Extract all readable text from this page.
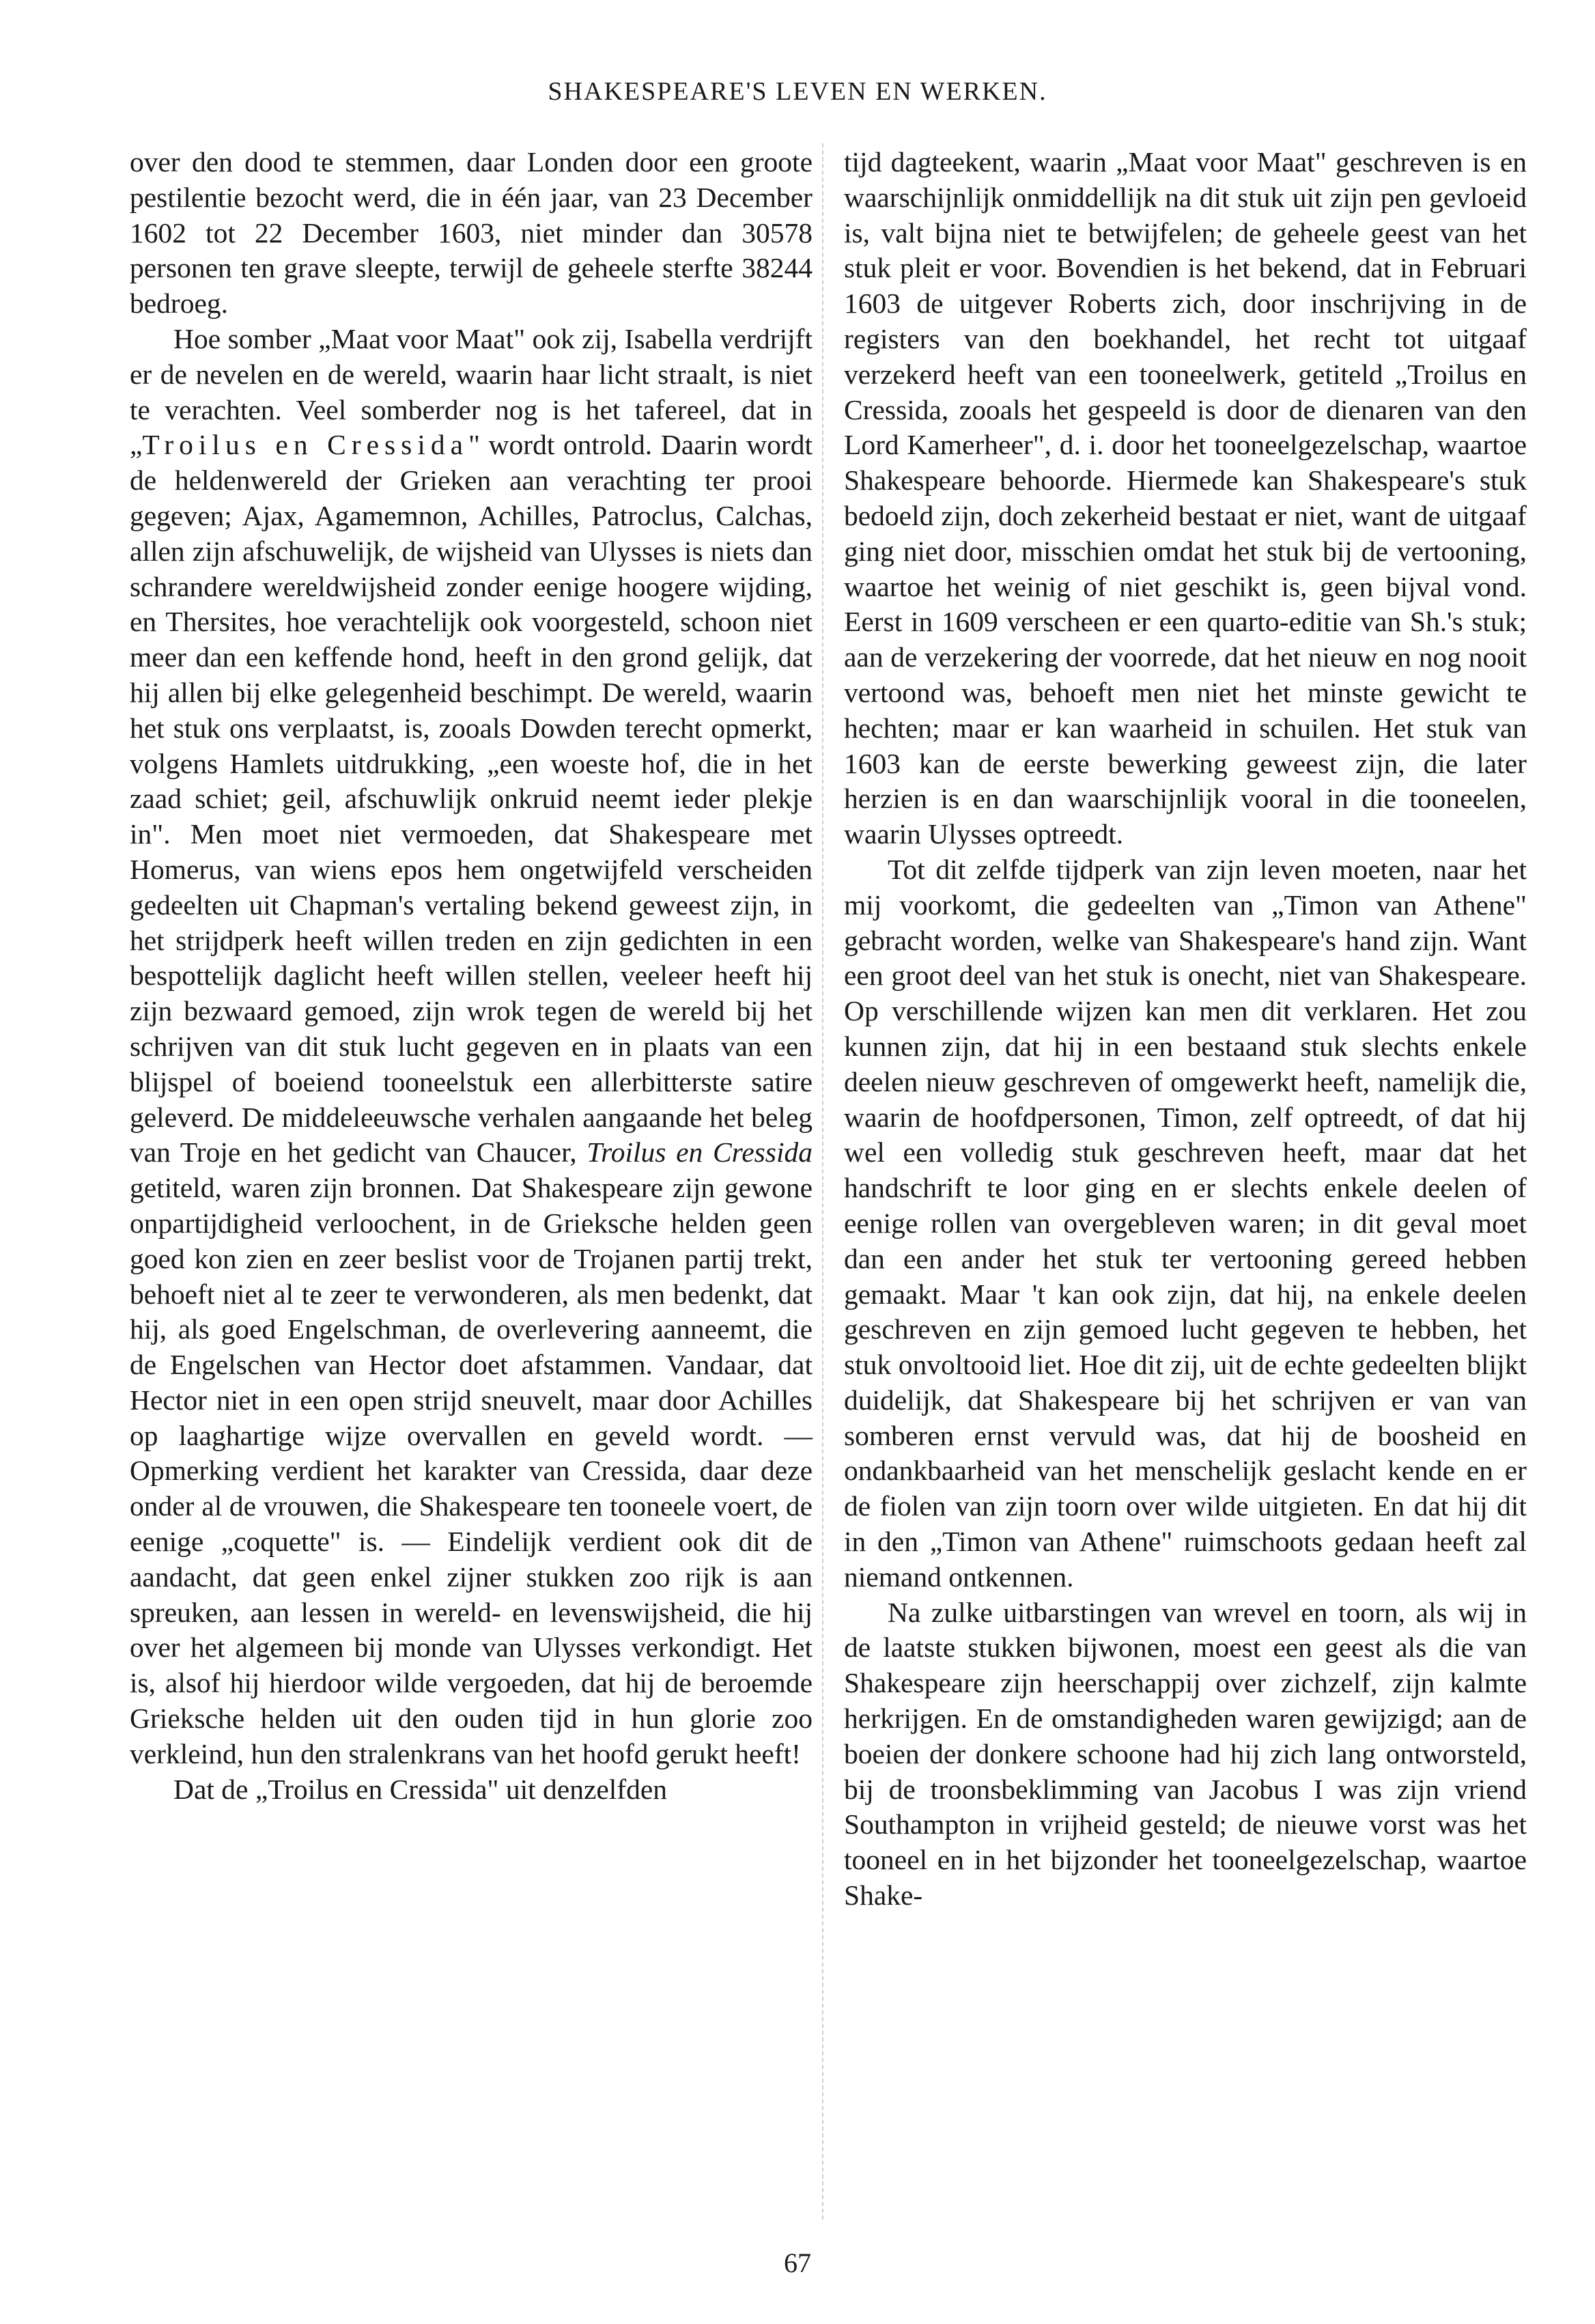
SHAKESPEARE'S LEVEN EN WERKEN.

over den dood te stemmen, daar Londen door een groote pestilentie bezocht werd, die in één jaar, van 23 December 1602 tot 22 December 1603, niet minder dan 30578 personen ten grave sleepte, terwijl de geheele sterfte 38244 bedroeg.

Hoe somber „Maat voor Maat" ook zij, Isabella verdrijft er de nevelen en de wereld, waarin haar licht straalt, is niet te verachten. Veel somberder nog is het tafereel, dat in „Troilus en Cressida" wordt ontrold. Daarin wordt de heldenwereld der Grieken aan verachting ter prooi gegeven; Ajax, Agamemnon, Achilles, Patroclus, Calchas, allen zijn afschuwelijk, de wijsheid van Ulysses is niets dan schrandere wereldwijsheid zonder eenige hoogere wijding, en Thersites, hoe verachtelijk ook voorgesteld, schoon niet meer dan een keffende hond, heeft in den grond gelijk, dat hij allen bij elke gelegenheid beschimpt. De wereld, waarin het stuk ons verplaatst, is, zooals Dowden terecht opmerkt, volgens Hamlets uitdrukking, „een woeste hof, die in het zaad schiet; geil, afschuwlijk onkruid neemt ieder plekje in". Men moet niet vermoeden, dat Shakespeare met Homerus, van wiens epos hem ongetwijfeld verscheiden gedeelten uit Chapman's vertaling bekend geweest zijn, in het strijdperk heeft willen treden en zijn gedichten in een bespottelijk daglicht heeft willen stellen, veeleer heeft hij zijn bezwaard gemoed, zijn wrok tegen de wereld bij het schrijven van dit stuk lucht gegeven en in plaats van een blijspel of boeiend tooneelstuk een allerbitterste satire geleverd. De middeleeuwsche verhalen aangaande het beleg van Troje en het gedicht van Chaucer, Troilus en Cressida getiteld, waren zijn bronnen. Dat Shakespeare zijn gewone onpartijdigheid verloochent, in de Grieksche helden geen goed kon zien en zeer beslist voor de Trojanen partij trekt, behoeft niet al te zeer te verwonderen, als men bedenkt, dat hij, als goed Engelschman, de overlevering aanneemt, die de Engelschen van Hector doet afstammen. Vandaar, dat Hector niet in een open strijd sneuvelt, maar door Achilles op laaghartige wijze overvallen en geveld wordt. — Opmerking verdient het karakter van Cressida, daar deze onder al de vrouwen, die Shakespeare ten tooneele voert, de eenige „coquette" is. — Eindelijk verdient ook dit de aandacht, dat geen enkel zijner stukken zoo rijk is aan spreuken, aan lessen in wereld- en levenswijsheid, die hij over het algemeen bij monde van Ulysses verkondigt. Het is, alsof hij hierdoor wilde vergoeden, dat hij de beroemde Grieksche helden uit den ouden tijd in hun glorie zoo verkleind, hun den stralenkrans van het hoofd gerukt heeft!

Dat de „Troilus en Cressida" uit denzelfden

tijd dagteekent, waarin „Maat voor Maat" geschreven is en waarschijnlijk onmiddellijk na dit stuk uit zijn pen gevloeid is, valt bijna niet te betwijfelen; de geheele geest van het stuk pleit er voor. Bovendien is het bekend, dat in Februari 1603 de uitgever Roberts zich, door inschrijving in de registers van den boekhandel, het recht tot uitgaaf verzekerd heeft van een tooneelwerk, getiteld „Troilus en Cressida, zooals het gespeeld is door de dienaren van den Lord Kamerheer", d. i. door het tooneelgezelschap, waartoe Shakespeare behoorde. Hiermede kan Shakespeare's stuk bedoeld zijn, doch zekerheid bestaat er niet, want de uitgaaf ging niet door, misschien omdat het stuk bij de vertooning, waartoe het weinig of niet geschikt is, geen bijval vond. Eerst in 1609 verscheen er een quarto-editie van Sh.'s stuk; aan de verzekering der voorrede, dat het nieuw en nog nooit vertoond was, behoeft men niet het minste gewicht te hechten; maar er kan waarheid in schuilen. Het stuk van 1603 kan de eerste bewerking geweest zijn, die later herzien is en dan waarschijnlijk vooral in die tooneelen, waarin Ulysses optreedt.

Tot dit zelfde tijdperk van zijn leven moeten, naar het mij voorkomt, die gedeelten van „Timon van Athene" gebracht worden, welke van Shakespeare's hand zijn. Want een groot deel van het stuk is onecht, niet van Shakespeare. Op verschillende wijzen kan men dit verklaren. Het zou kunnen zijn, dat hij in een bestaand stuk slechts enkele deelen nieuw geschreven of omgewerkt heeft, namelijk die, waarin de hoofdpersonen, Timon, zelf optreedt, of dat hij wel een volledig stuk geschreven heeft, maar dat het handschrift te loor ging en er slechts enkele deelen of eenige rollen van overgebleven waren; in dit geval moet dan een ander het stuk ter vertooning gereed hebben gemaakt. Maar 't kan ook zijn, dat hij, na enkele deelen geschreven en zijn gemoed lucht gegeven te hebben, het stuk onvoltooid liet. Hoe dit zij, uit de echte gedeelten blijkt duidelijk, dat Shakespeare bij het schrijven er van van somberen ernst vervuld was, dat hij de boosheid en ondankbaarheid van het menschelijk geslacht kende en er de fiolen van zijn toorn over wilde uitgieten. En dat hij dit in den „Timon van Athene" ruimschoots gedaan heeft zal niemand ontkennen.

Na zulke uitbarstingen van wrevel en toorn, als wij in de laatste stukken bijwonen, moest een geest als die van Shakespeare zijn heerschappij over zichzelf, zijn kalmte herkrijgen. En de omstandigheden waren gewijzigd; aan de boeien der donkere schoone had hij zich lang ontworsteld, bij de troonsbeklimming van Jacobus I was zijn vriend Southampton in vrijheid gesteld; de nieuwe vorst was het tooneel en in het bijzonder het tooneelgezelschap, waartoe Shake-

67
